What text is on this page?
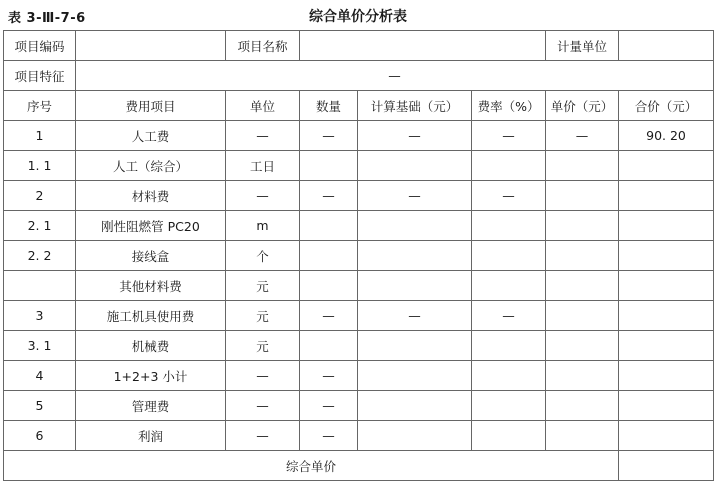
表 3-Ⅲ-7-6	综合单价分析表
项目编码		项目名称				计量单位	
项目特征	—						
序号	费用项目	单位	数量	计算基础（元）	费率（%）	单价（元）	合价（元）
1	人工费	—	—	—	—	—	90. 20
1. 1	人工（综合）	工日					
2	材料费	—	—	—	—		
2. 1	刚性阻燃管 PC20	m					
2. 2	接线盒	个					
	其他材料费	元					
3	施工机具使用费	元	—	—	—		
3. 1	机械费	元					
4	1+2+3 小计	—	—				
5	管理费	—	—				
6	利润	—	—				
综合单价							
